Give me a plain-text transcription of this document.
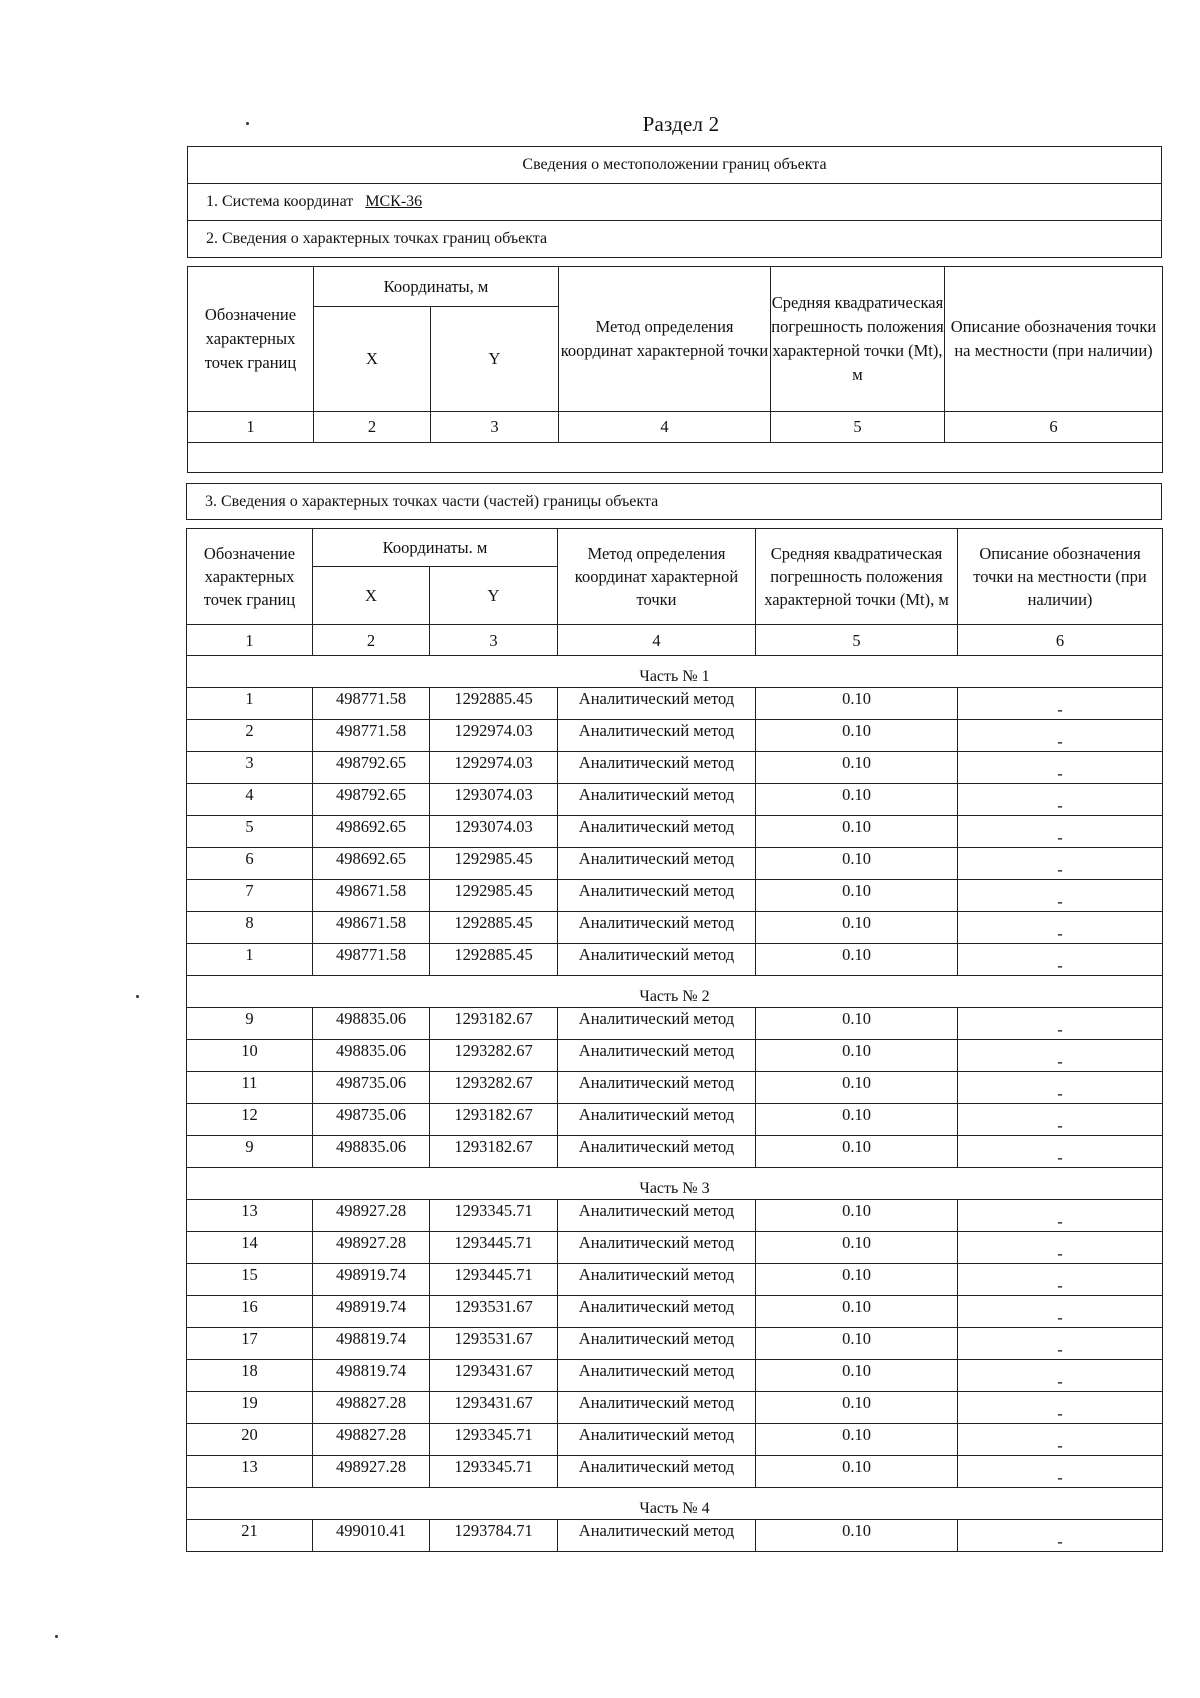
Раздел 2
Сведения о местоположении границ объекта
1. Система координат МСК-36
2. Сведения о характерных точках границ объекта
Обозначение характерных точек границ	Координаты, м		Метод определения координат характерной точки	Средняя квадратическая погрешность положения характерной точки (Mt), м	Описание обозначения точки на местности (при наличии)
	X	Y			
1	2	3	4	5	6

3. Сведения о характерных точках части (частей) границы объекта
Обозначение характерных точек границ	Координаты. м		Метод определения координат характерной точки	Средняя квадратическая погрешность положения характерной точки (Mt), м	Описание обозначения точки на местности (при наличии)
	X	Y			
1	2	3	4	5	6
Часть № 1					
1	498771.58	1292885.45	Аналитический метод	0.10	-
2	498771.58	1292974.03	Аналитический метод	0.10	-
3	498792.65	1292974.03	Аналитический метод	0.10	-
4	498792.65	1293074.03	Аналитический метод	0.10	-
5	498692.65	1293074.03	Аналитический метод	0.10	-
6	498692.65	1292985.45	Аналитический метод	0.10	-
7	498671.58	1292985.45	Аналитический метод	0.10	-
8	498671.58	1292885.45	Аналитический метод	0.10	-
1	498771.58	1292885.45	Аналитический метод	0.10	-
Часть № 2					
9	498835.06	1293182.67	Аналитический метод	0.10	-
10	498835.06	1293282.67	Аналитический метод	0.10	-
11	498735.06	1293282.67	Аналитический метод	0.10	-
12	498735.06	1293182.67	Аналитический метод	0.10	-
9	498835.06	1293182.67	Аналитический метод	0.10	-
Часть № 3					
13	498927.28	1293345.71	Аналитический метод	0.10	-
14	498927.28	1293445.71	Аналитический метод	0.10	-
15	498919.74	1293445.71	Аналитический метод	0.10	-
16	498919.74	1293531.67	Аналитический метод	0.10	-
17	498819.74	1293531.67	Аналитический метод	0.10	-
18	498819.74	1293431.67	Аналитический метод	0.10	-
19	498827.28	1293431.67	Аналитический метод	0.10	-
20	498827.28	1293345.71	Аналитический метод	0.10	-
13	498927.28	1293345.71	Аналитический метод	0.10	-
Часть № 4					
21	499010.41	1293784.71	Аналитический метод	0.10	-
